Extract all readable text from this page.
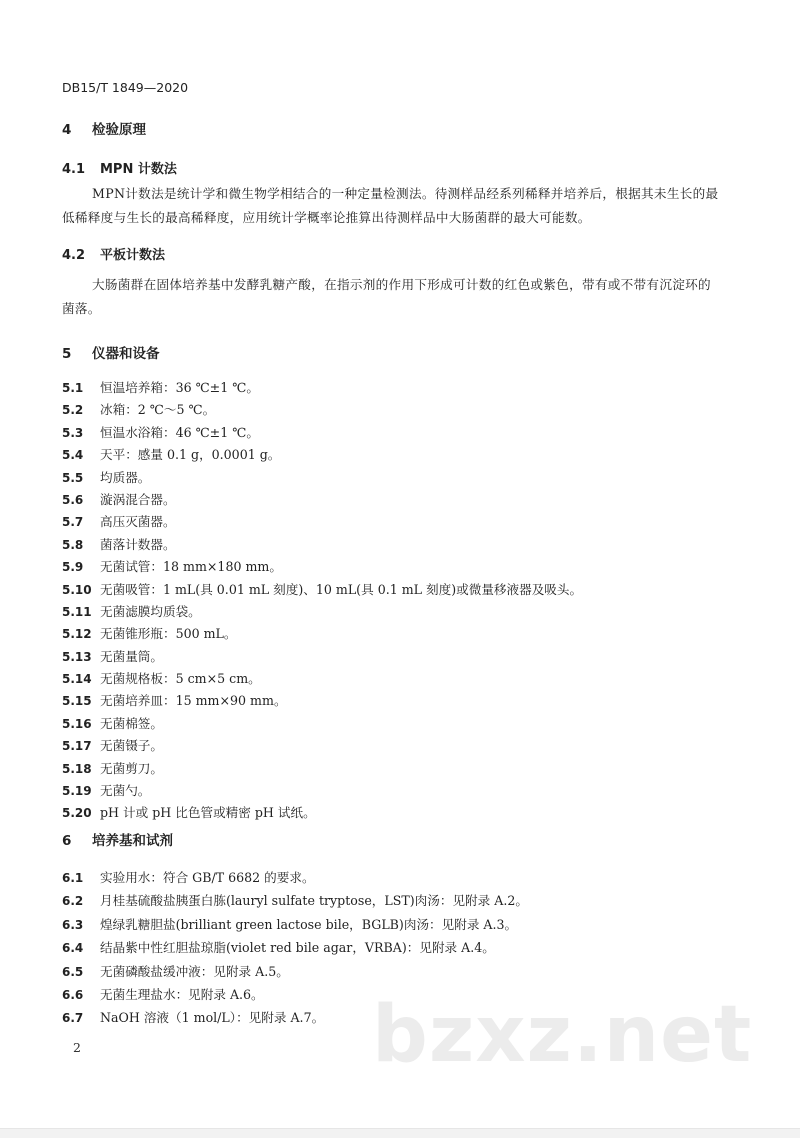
DB15/T 1849—2020
4 检验原理
4.1 MPN 计数法
MPN计数法是统计学和微生物学相结合的一种定量检测法。待测样品经系列稀释并培养后，根据其未生长的最低稀释度与生长的最高稀释度，应用统计学概率论推算出待测样品中大肠菌群的最大可能数。
4.2 平板计数法
大肠菌群在固体培养基中发酵乳糖产酸，在指示剂的作用下形成可计数的红色或紫色，带有或不带有沉淀环的菌落。
5 仪器和设备
5.1 恒温培养箱：36 ℃±1 ℃。
5.2 冰箱：2 ℃～5 ℃。
5.3 恒温水浴箱：46 ℃±1 ℃。
5.4 天平：感量 0.1 g，0.0001 g。
5.5 均质器。
5.6 漩涡混合器。
5.7 高压灭菌器。
5.8 菌落计数器。
5.9 无菌试管：18 mm×180 mm。
5.10 无菌吸管：1 mL(具 0.01 mL 刻度)、10 mL(具 0.1 mL 刻度)或微量移液器及吸头。
5.11 无菌滤膜均质袋。
5.12 无菌锥形瓶：500 mL。
5.13 无菌量筒。
5.14 无菌规格板：5 cm×5 cm。
5.15 无菌培养皿：15 mm×90 mm。
5.16 无菌棉签。
5.17 无菌镊子。
5.18 无菌剪刀。
5.19 无菌勺。
5.20 pH 计或 pH 比色管或精密 pH 试纸。
6 培养基和试剂
6.1 实验用水：符合 GB/T 6682 的要求。
6.2 月桂基硫酸盐胰蛋白胨(lauryl sulfate tryptose，LST)肉汤：见附录 A.2。
6.3 煌绿乳糖胆盐(brilliant green lactose bile，BGLB)肉汤：见附录 A.3。
6.4 结晶紫中性红胆盐琼脂(violet red bile agar，VRBA)：见附录 A.4。
6.5 无菌磷酸盐缓冲液：见附录 A.5。
6.6 无菌生理盐水：见附录 A.6。
6.7 NaOH 溶液（1 mol/L）：见附录 A.7。 bzxz.net
2
